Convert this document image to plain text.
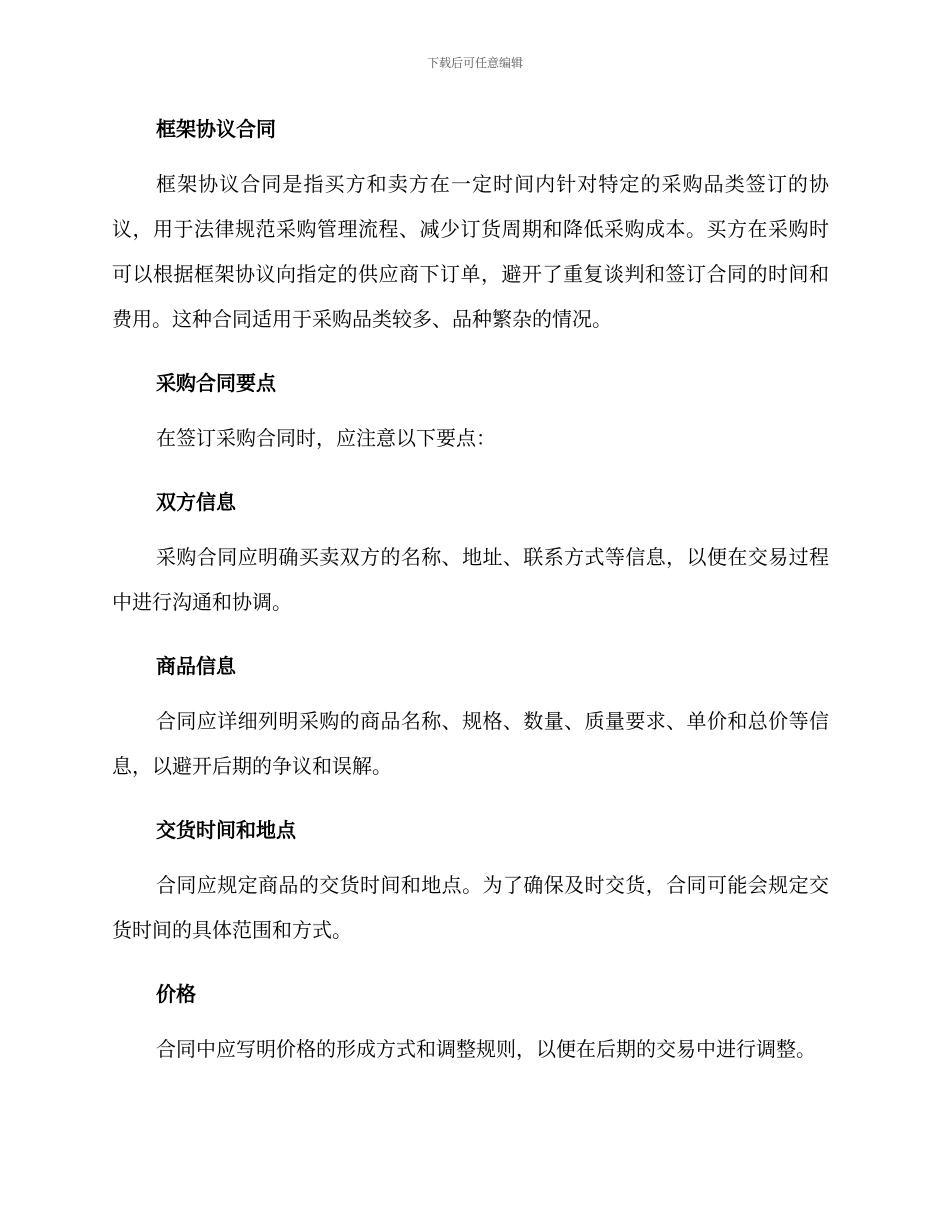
下载后可任意编辑
框架协议合同

框架协议合同是指买方和卖方在一定时间内针对特定的采购品类签订的协议，用于法律规范采购管理流程、减少订货周期和降低采购成本。买方在采购时可以根据框架协议向指定的供应商下订单，避开了重复谈判和签订合同的时间和费用。这种合同适用于采购品类较多、品种繁杂的情况。

采购合同要点

在签订采购合同时，应注意以下要点：

双方信息

采购合同应明确买卖双方的名称、地址、联系方式等信息，以便在交易过程中进行沟通和协调。

商品信息

合同应详细列明采购的商品名称、规格、数量、质量要求、单价和总价等信息，以避开后期的争议和误解。

交货时间和地点

合同应规定商品的交货时间和地点。为了确保及时交货，合同可能会规定交货时间的具体范围和方式。

价格

合同中应写明价格的形成方式和调整规则，以便在后期的交易中进行调整。
